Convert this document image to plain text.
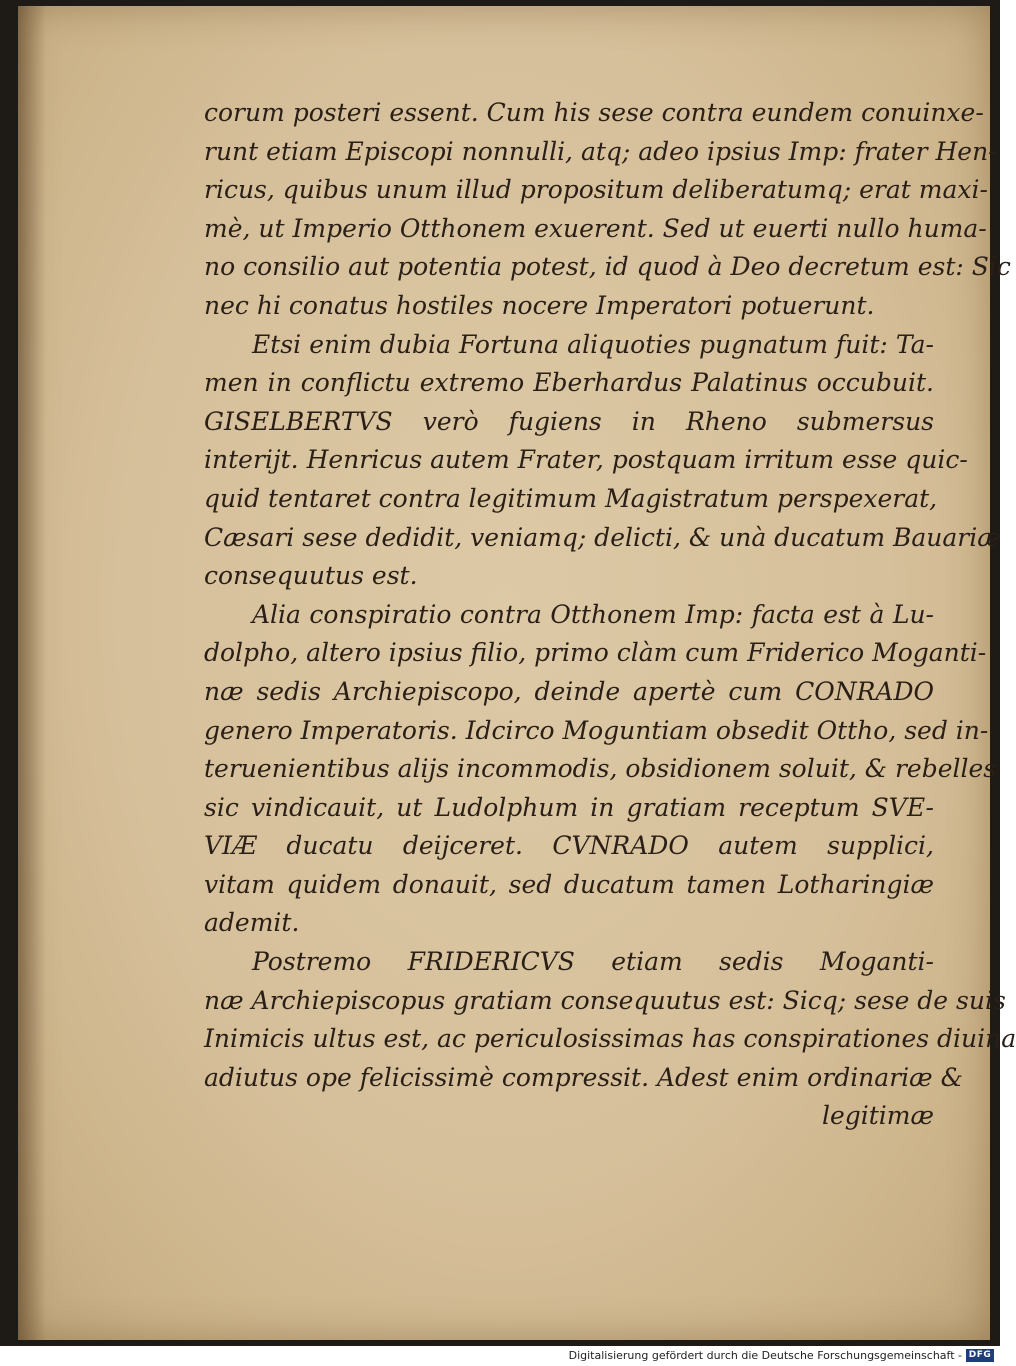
corum posteri essent. Cum his sese contra eundem conuinxe-
runt etiam Episcopi nonnulli, atq; adeo ipsius Imp: frater Hen-
ricus, quibus unum illud propositum deliberatumq; erat maxi-
mè, ut Imperio Otthonem exuerent. Sed ut euerti nullo huma-
no consilio aut potentia potest, id quod à Deo decretum est: Sic
nec hi conatus hostiles nocere Imperatori potuerunt.
Etsi enim dubia Fortuna aliquoties pugnatum fuit: Ta-
men in conflictu extremo Eberhardus Palatinus occubuit.
GISELBERTVS verò fugiens in Rheno submersus
interijt. Henricus autem Frater, postquam irritum esse quic-
quid tentaret contra legitimum Magistratum perspexerat,
Cæsari sese dedidit, veniamq; delicti, & unà ducatum Bauariæ
consequutus est.
Alia conspiratio contra Otthonem Imp: facta est à Lu-
dolpho, altero ipsius filio, primo clàm cum Friderico Moganti-
næ sedis Archiepiscopo, deinde apertè cum CONRADO
genero Imperatoris. Idcirco Moguntiam obsedit Ottho, sed in-
teruenientibus alijs incommodis, obsidionem soluit, & rebelles
sic vindicauit, ut Ludolphum in gratiam receptum SVE-
VIÆ ducatu deijceret. CVNRADO autem supplici,
vitam quidem donauit, sed ducatum tamen Lotharingiæ
ademit.
Postremo FRIDERICVS etiam sedis Moganti-
næ Archiepiscopus gratiam consequutus est: Sicq; sese de suis
Inimicis ultus est, ac periculosissimas has conspirationes diuina
adiutus ope felicissimè compressit. Adest enim ordinariæ &
legitimæ
Digitalisierung gefördert durch die Deutsche Forschungsgemeinschaft - DFG
